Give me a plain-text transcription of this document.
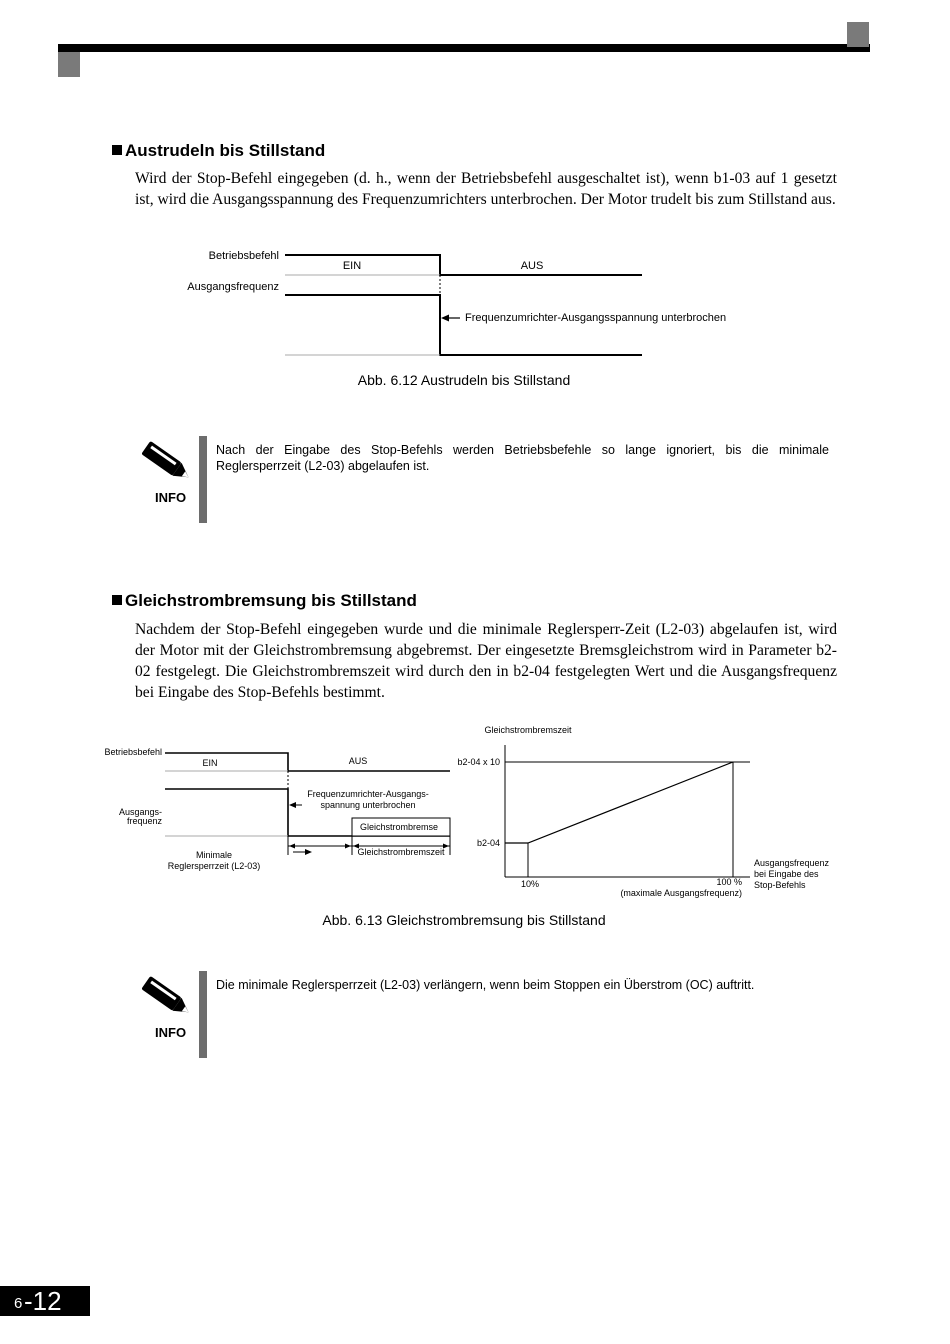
Austrudeln bis Stillstand
Wird der Stop-Befehl eingegeben (d. h., wenn der Betriebsbefehl ausgeschaltet ist), wenn b1-03 auf 1 gesetzt ist, wird die Ausgangsspannung des Frequenzumrichters unterbrochen. Der Motor trudelt bis zum Stillstand aus.
Betriebsbefehl
Ausgangsfrequenz
EIN	AUS
Frequenzumrichter-Ausgangsspannung unterbrochen
Abb. 6.12 Austrudeln bis Stillstand
INFO
Nach der Eingabe des Stop-Befehls werden Betriebsbefehle so lange ignoriert, bis die minimale Reglersperrzeit (L2-03) abgelaufen ist.
Gleichstrombremsung bis Stillstand
Nachdem der Stop-Befehl eingegeben wurde und die minimale Reglersperr-Zeit (L2-03) abgelaufen ist, wird der Motor mit der Gleichstrombremsung abgebremst. Der eingesetzte Bremsgleichstrom wird in Parameter b2-02 festgelegt. Die Gleichstrombremszeit wird durch den in b2-04 festgelegten Wert und die Ausgangsfrequenz bei Eingabe des Stop-Befehls bestimmt.
Betriebsbefehl
EIN	AUS
Ausgangs-
frequenz
Frequenzumrichter-Ausgangs-
spannung unterbrochen
Gleichstrombremse
Minimale
Reglersperrzeit (L2-03)
Gleichstrombremszeit
Gleichstrombremszeit
b2-04 x 10
b2-04
10%	100 %
(maximale Ausgangsfrequenz)
Ausgangsfrequenz
bei Eingabe des
Stop-Befehls
Abb. 6.13 Gleichstrombremsung bis Stillstand
INFO
Die minimale Reglersperrzeit (L2-03) verlängern, wenn beim Stoppen ein Überstrom (OC) auftritt.
6 -12
